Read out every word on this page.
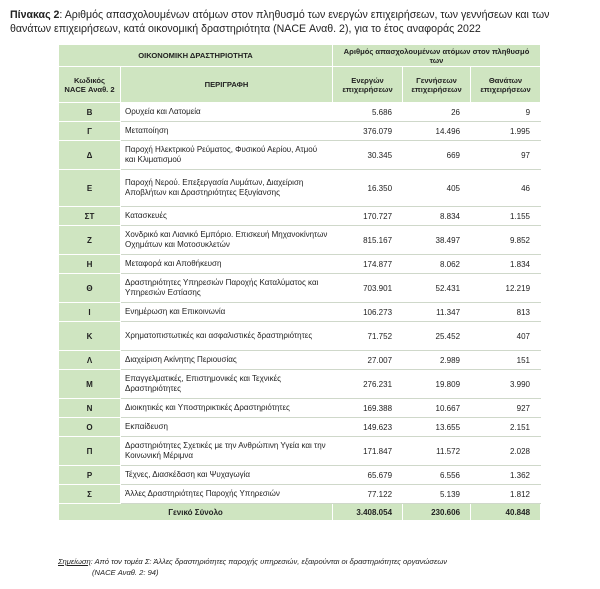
Πίνακας 2: Αριθμός απασχολουμένων ατόμων στον πληθυσμό των ενεργών επιχειρήσεων, των γεννήσεων και των θανάτων επιχειρήσεων, κατά οικονομική δραστηριότητα (NACE Αναθ. 2), για το έτος αναφοράς 2022
ΟΙΚΟΝΟΜΙΚΗ ΔΡΑΣΤΗΡΙΟΤΗΤΑ		Αριθμός απασχολουμένων ατόμων στον πληθυσμό των		
Κωδικός NACE Αναθ. 2	ΠΕΡΙΓΡΑΦΗ	Ενεργών επιχειρήσεων	Γεννήσεων επιχειρήσεων	Θανάτων επιχειρήσεων
Β	Ορυχεία και Λατομεία	5.686	26	9
Γ	Μεταποίηση	376.079	14.496	1.995
Δ	Παροχή Ηλεκτρικού Ρεύματος, Φυσικού Αερίου, Ατμού και Κλιματισμού	30.345	669	97
Ε	Παροχή Νερού. Επεξεργασία Λυμάτων, Διαχείριση Αποβλήτων και Δραστηριότητες Εξυγίανσης	16.350	405	46
ΣΤ	Κατασκευές	170.727	8.834	1.155
Ζ	Χονδρικό και Λιανικό Εμπόριο. Επισκευή Μηχανοκίνητων Οχημάτων και Μοτοσυκλετών	815.167	38.497	9.852
Η	Μεταφορά και Αποθήκευση	174.877	8.062	1.834
Θ	Δραστηριότητες Υπηρεσιών Παροχής Καταλύματος και Υπηρεσιών Εστίασης	703.901	52.431	12.219
Ι	Ενημέρωση και Επικοινωνία	106.273	11.347	813
Κ	Χρηματοπιστωτικές και ασφαλιστικές δραστηριότητες	71.752	25.452	407
Λ	Διαχείριση Ακίνητης Περιουσίας	27.007	2.989	151
Μ	Επαγγελματικές, Επιστημονικές και Τεχνικές Δραστηριότητες	276.231	19.809	3.990
Ν	Διοικητικές και Υποστηρικτικές Δραστηριότητες	169.388	10.667	927
Ο	Εκπαίδευση	149.623	13.655	2.151
Π	Δραστηριότητες Σχετικές με την Ανθρώπινη Υγεία και την Κοινωνική Μέριμνα	171.847	11.572	2.028
Ρ	Τέχνες, Διασκέδαση και Ψυχαγωγία	65.679	6.556	1.362
Σ	Άλλες Δραστηριότητες Παροχής Υπηρεσιών	77.122	5.139	1.812
Γενικό Σύνολο		3.408.054	230.606	40.848
Σημείωση: Από τον τομέα Σ: Άλλες δραστηριότητες παροχής υπηρεσιών, εξαιρούνται οι δραστηριότητες οργανώσεων
(NACE Αναθ. 2: 94)
